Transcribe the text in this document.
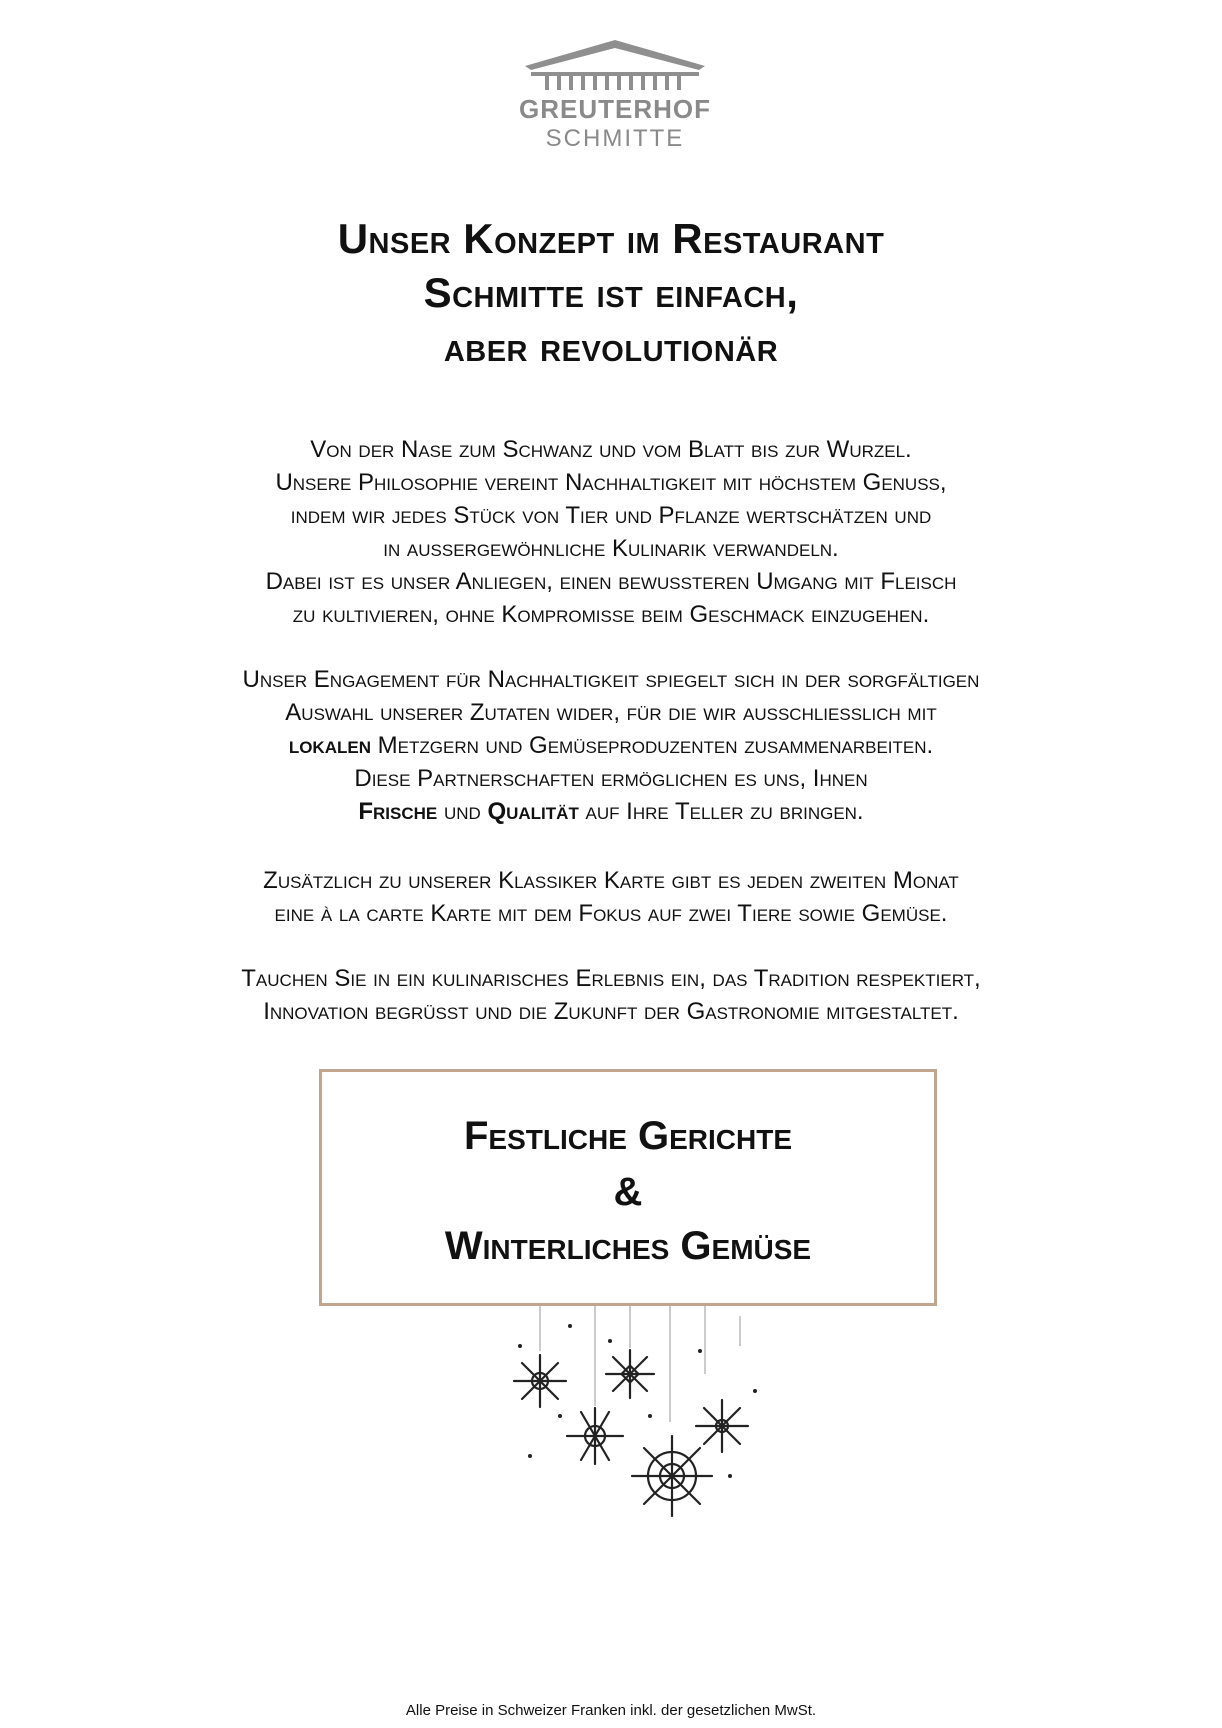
GREUTERHOF
SCHMITTE
Unser Konzept im Restaurant
Schmitte ist einfach,
aber revolutionär
Von der Nase zum Schwanz und vom Blatt bis zur Wurzel.
Unsere Philosophie vereint Nachhaltigkeit mit höchstem Genuss,
indem wir jedes Stück von Tier und Pflanze wertschätzen und
in aussergewöhnliche Kulinarik verwandeln.
Dabei ist es unser Anliegen, einen bewussteren Umgang mit Fleisch
zu kultivieren, ohne Kompromisse beim Geschmack einzugehen.
Unser Engagement für Nachhaltigkeit spiegelt sich in der sorgfältigen
Auswahl unserer Zutaten wider, für die wir ausschliesslich mit
lokalen Metzgern und Gemüseproduzenten zusammenarbeiten.
Diese Partnerschaften ermöglichen es uns, Ihnen
Frische und Qualität auf Ihre Teller zu bringen.
Zusätzlich zu unserer Klassiker Karte gibt es jeden zweiten Monat
eine à la carte Karte mit dem Fokus auf zwei Tiere sowie Gemüse.
Tauchen Sie in ein kulinarisches Erlebnis ein, das Tradition respektiert,
Innovation begrüsst und die Zukunft der Gastronomie mitgestaltet.
Festliche Gerichte
&
Winterliches Gemüse
Alle Preise in Schweizer Franken inkl. der gesetzlichen MwSt.
